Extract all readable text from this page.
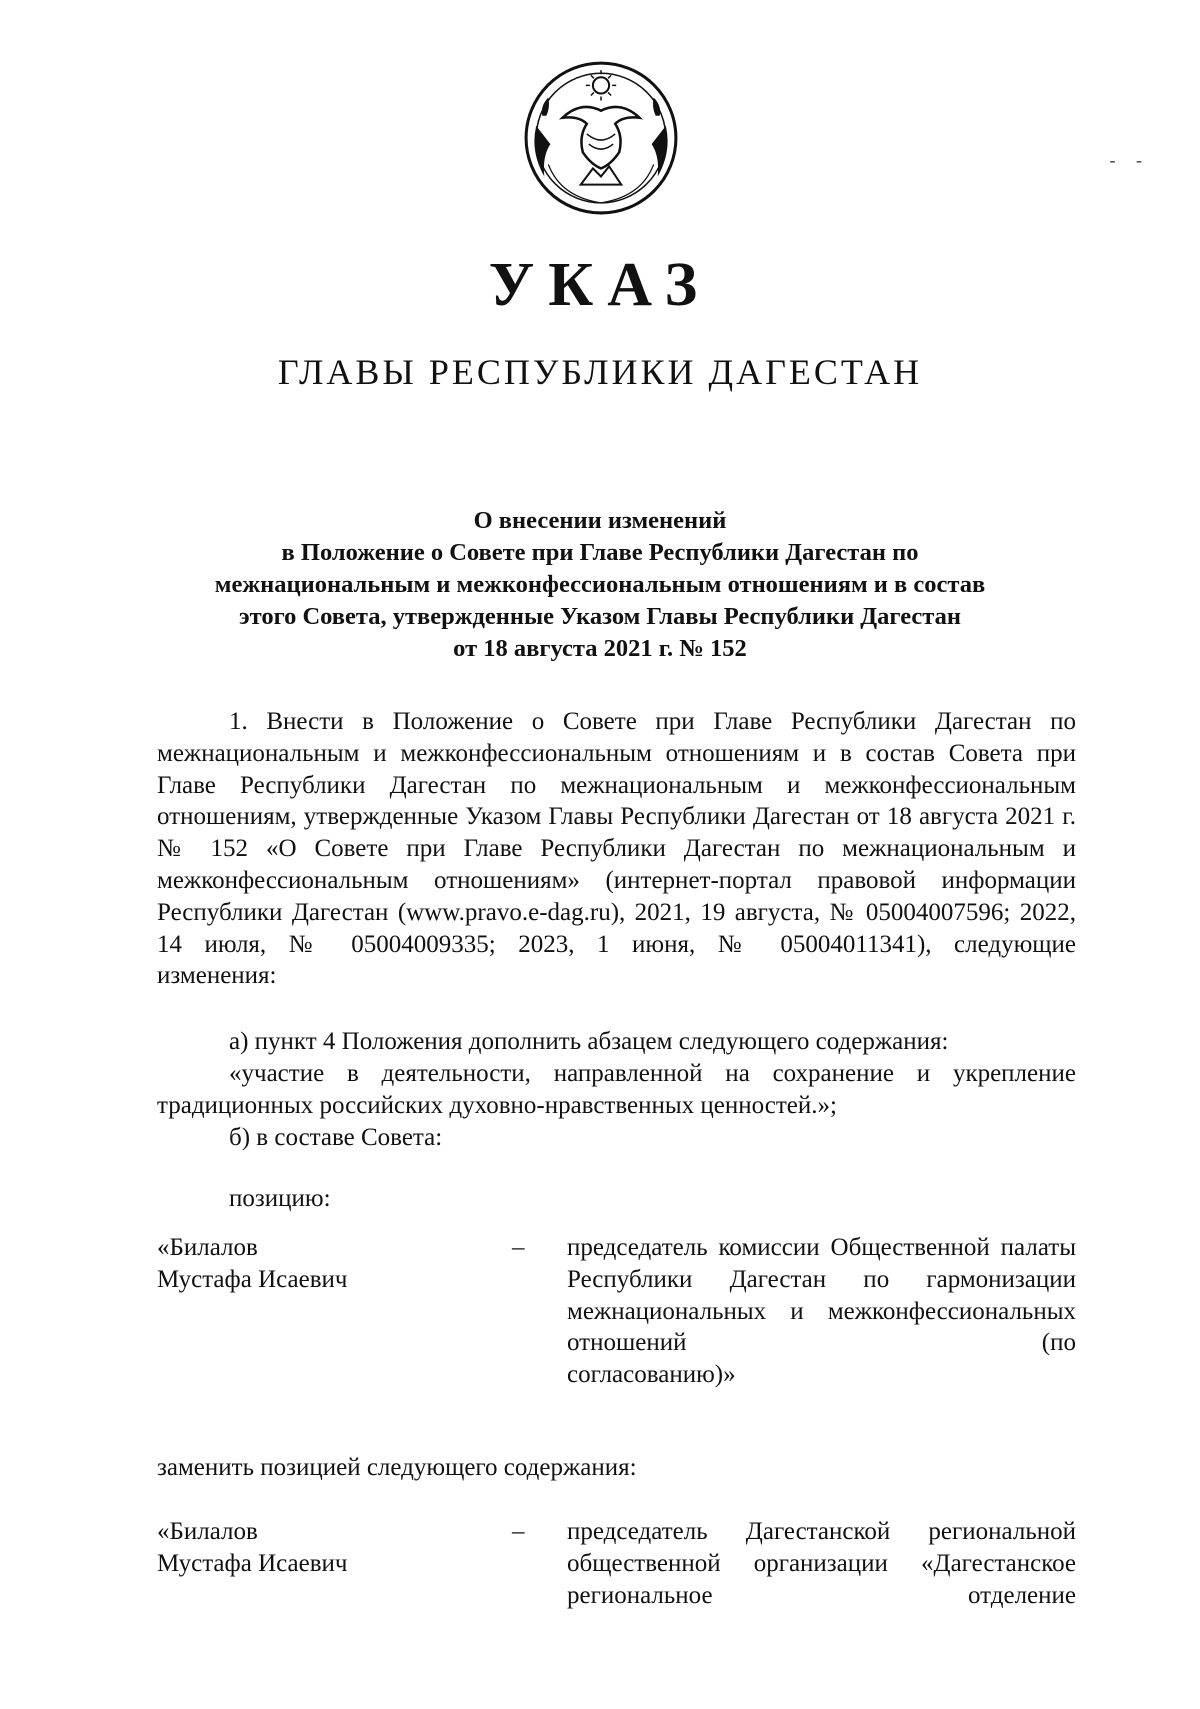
- -
УКАЗ
ГЛАВЫ РЕСПУБЛИКИ ДАГЕСТАН
О внесении изменений
в Положение о Совете при Главе Республики Дагестан по
межнациональным и межконфессиональным отношениям и в состав
этого Совета, утвержденные Указом Главы Республики Дагестан
от 18 августа 2021 г. № 152
1. Внести в Положение о Совете при Главе Республики Дагестан по межнациональным и межконфессиональным отношениям и в состав Совета при Главе Республики Дагестан по межнациональным и межконфессиональным отношениям, утвержденные Указом Главы Республики Дагестан от 18 августа 2021 г. № 152 «О Совете при Главе Республики Дагестан по межнациональным и межконфессиональным отношениям» (интернет-портал правовой информации Республики Дагестан (www.pravo.e-dag.ru), 2021, 19 августа, № 05004007596; 2022, 14 июля, № 05004009335; 2023, 1 июня, № 05004011341), следующие
изменения:
а) пункт 4 Положения дополнить абзацем следующего содержания:
«участие в деятельности, направленной на сохранение и укрепление
традиционных российских духовно-нравственных ценностей.»;
б) в составе Совета:
позицию:
«Билалов
Мустафа Исаевич
– председатель комиссии Общественной палаты Республики Дагестан по гармонизации межнациональных и межконфессиональных отношений (по
согласованию)»
заменить позицией следующего содержания:
«Билалов
Мустафа Исаевич
– председатель Дагестанской региональной общественной организации «Дагестанское региональное отделение
